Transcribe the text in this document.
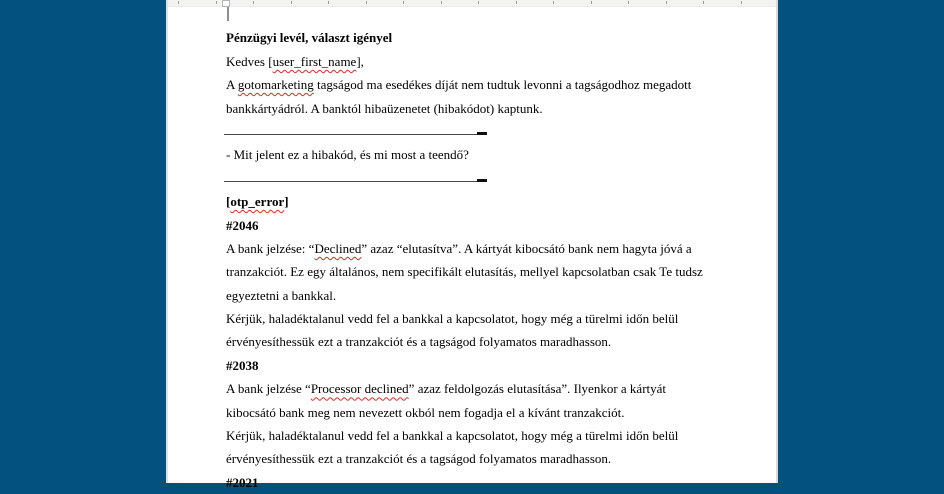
Pénzügyi levél, választ igényel
Kedves [user_first_name],
A gotomarketing tagságod ma esedékes díját nem tudtuk levonni a tagságodhoz megadott
bankkártyádról. A banktól hibaüzenetet (hibakódot) kaptunk.
- Mit jelent ez a hibakód, és mi most a teendő?
[otp_error]
#2046
A bank jelzése: “Declined” azaz “elutasítva”. A kártyát kibocsátó bank nem hagyta jóvá a
tranzakciót. Ez egy általános, nem specifikált elutasítás, mellyel kapcsolatban csak Te tudsz
egyeztetni a bankkal.
Kérjük, haladéktalanul vedd fel a bankkal a kapcsolatot, hogy még a türelmi időn belül
érvényesíthessük ezt a tranzakciót és a tagságod folyamatos maradhasson.
#2038
A bank jelzése “Processor declined” azaz feldolgozás elutasítása”. Ilyenkor a kártyát
kibocsátó bank meg nem nevezett okból nem fogadja el a kívánt tranzakciót.
Kérjük, haladéktalanul vedd fel a bankkal a kapcsolatot, hogy még a türelmi időn belül
érvényesíthessük ezt a tranzakciót és a tagságod folyamatos maradhasson.
#2021
